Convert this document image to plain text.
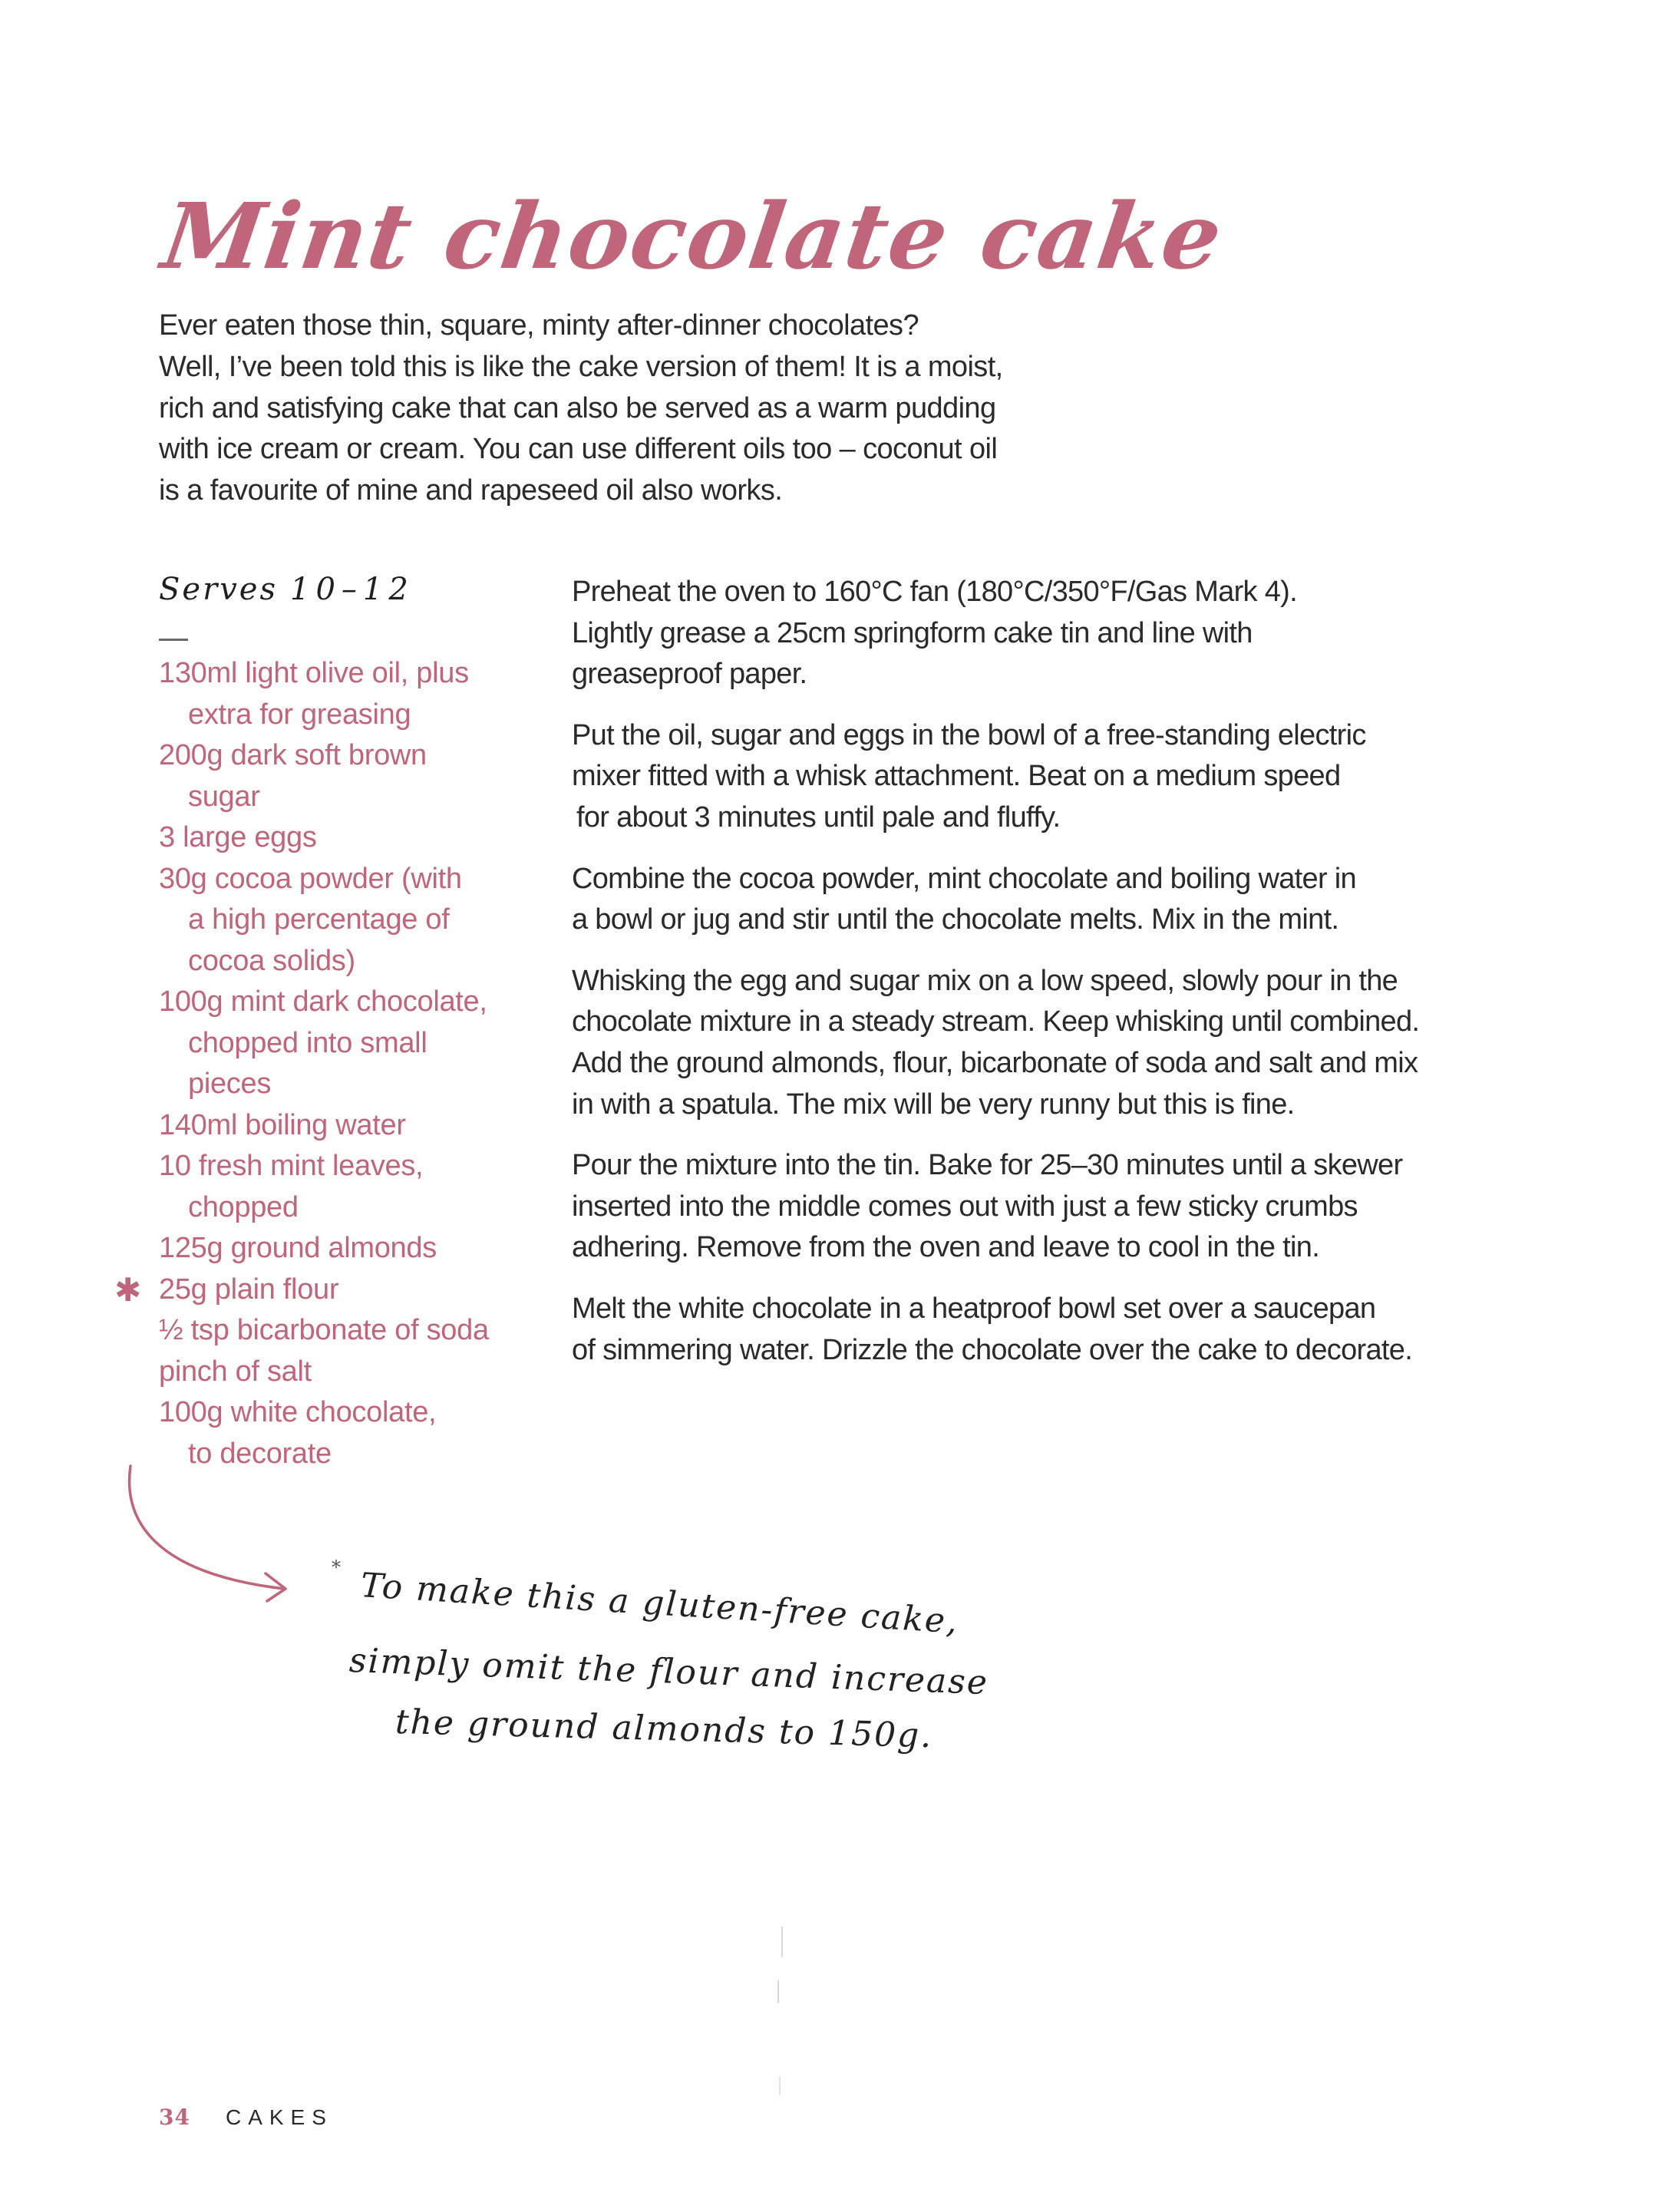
Mint chocolate cake
Ever eaten those thin, square, minty after-dinner chocolates?
Well, I’ve been told this is like the cake version of them! It is a moist,
rich and satisfying cake that can also be served as a warm pudding
with ice cream or cream. You can use different oils too – coconut oil
is a favourite of mine and rapeseed oil also works.
Serves 10–12
130ml light olive oil, plus
extra for greasing
200g dark soft brown
sugar
3 large eggs
30g cocoa powder (with
a high percentage of
cocoa solids)
100g mint dark chocolate,
chopped into small
pieces
140ml boiling water
10 fresh mint leaves,
chopped
125g ground almonds
✱ 25g plain flour
½ tsp bicarbonate of soda
pinch of salt
100g white chocolate,
to decorate

Preheat the oven to 160°C fan (180°C/350°F/Gas Mark 4).
Lightly grease a 25cm springform cake tin and line with
greaseproof paper.

Put the oil, sugar and eggs in the bowl of a free-standing electric
mixer fitted with a whisk attachment. Beat on a medium speed
for about 3 minutes until pale and fluffy.

Combine the cocoa powder, mint chocolate and boiling water in
a bowl or jug and stir until the chocolate melts. Mix in the mint.

Whisking the egg and sugar mix on a low speed, slowly pour in the
chocolate mixture in a steady stream. Keep whisking until combined.
Add the ground almonds, flour, bicarbonate of soda and salt and mix
in with a spatula. The mix will be very runny but this is fine.

Pour the mixture into the tin. Bake for 25–30 minutes until a skewer
inserted into the middle comes out with just a few sticky crumbs
adhering. Remove from the oven and leave to cool in the tin.

Melt the white chocolate in a heatproof bowl set over a saucepan
of simmering water. Drizzle the chocolate over the cake to decorate.

* To make this a gluten-free cake,
simply omit the flour and increase
the ground almonds to 150g.
34 CAKES
